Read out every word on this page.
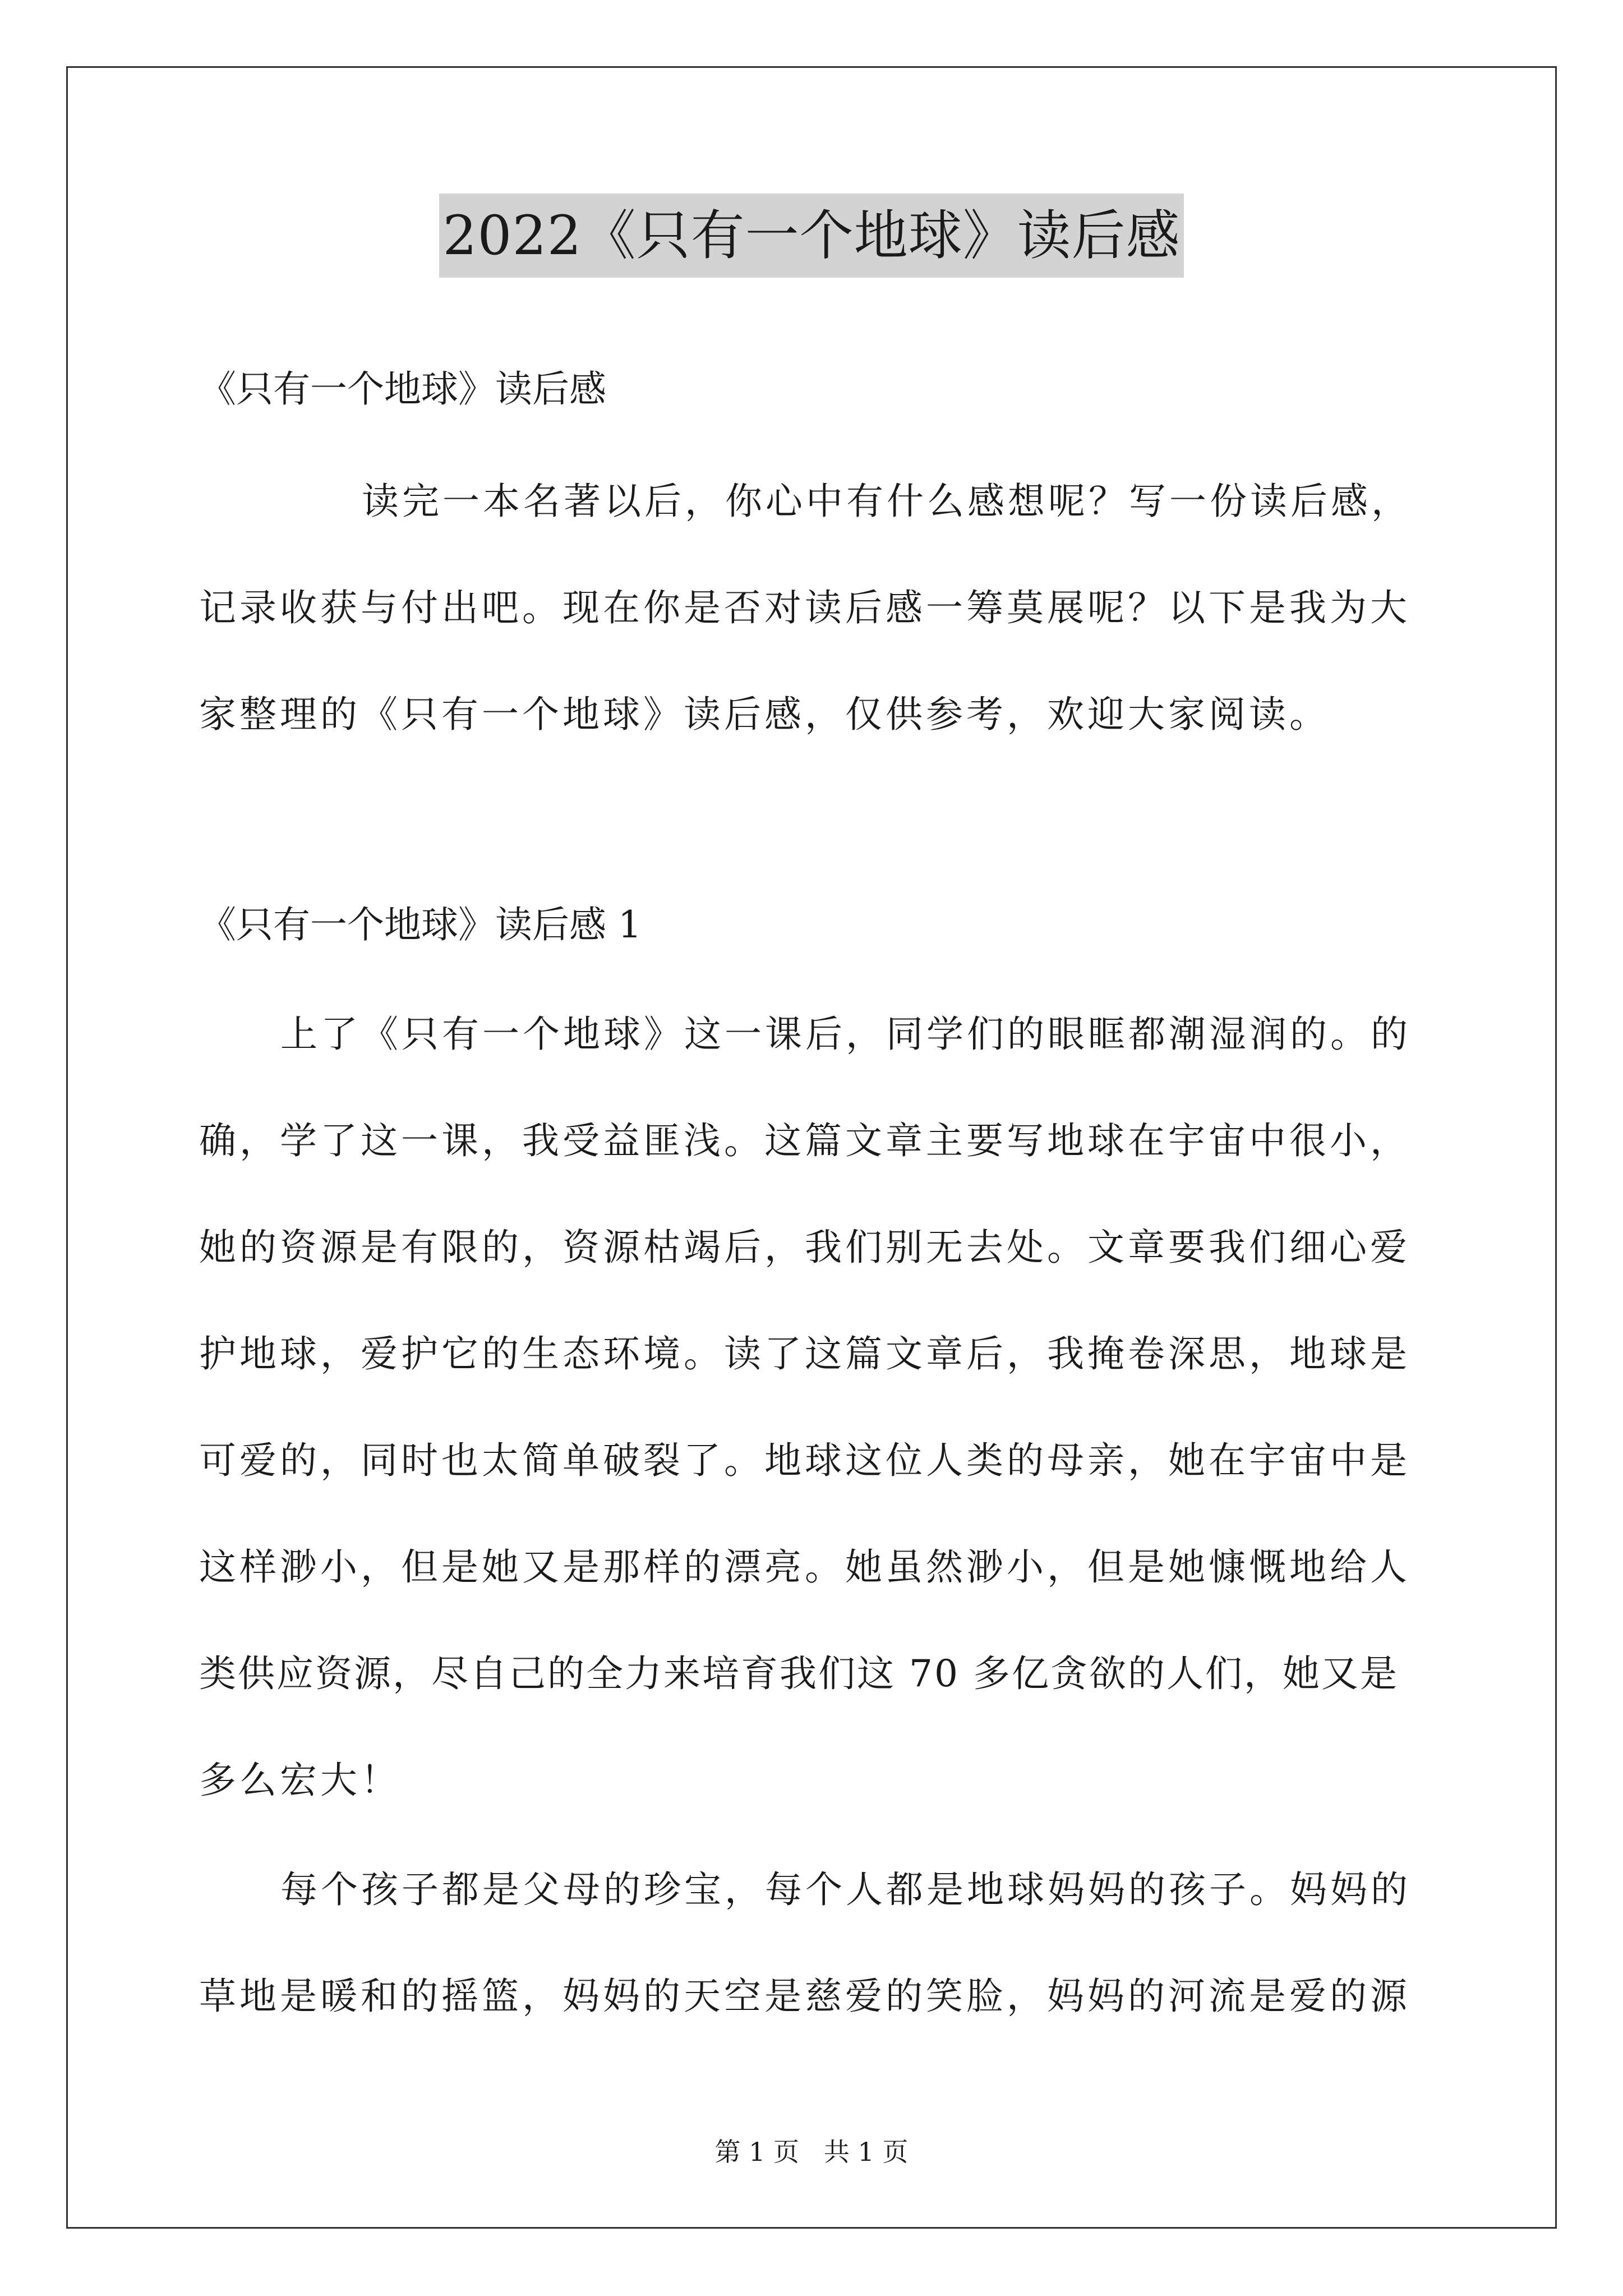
2022《只有一个地球》读后感
《只有一个地球》读后感
读完一本名著以后，你心中有什么感想呢？写一份读后感，
记录收获与付出吧。现在你是否对读后感一筹莫展呢？以下是我为大
家整理的《只有一个地球》读后感，仅供参考，欢迎大家阅读。
《只有一个地球》读后感 1
上了《只有一个地球》这一课后，同学们的眼眶都潮湿润的。的
确，学了这一课，我受益匪浅。这篇文章主要写地球在宇宙中很小，
她的资源是有限的，资源枯竭后，我们别无去处。文章要我们细心爱
护地球，爱护它的生态环境。读了这篇文章后，我掩卷深思，地球是
可爱的，同时也太简单破裂了。地球这位人类的母亲，她在宇宙中是
这样渺小，但是她又是那样的漂亮。她虽然渺小，但是她慷慨地给人
类供应资源，尽自己的全力来培育我们这 70 多亿贪欲的人们，她又是
多么宏大！
每个孩子都是父母的珍宝，每个人都是地球妈妈的孩子。妈妈的
草地是暖和的摇篮，妈妈的天空是慈爱的笑脸，妈妈的河流是爱的源
第 1 页   共 1 页
